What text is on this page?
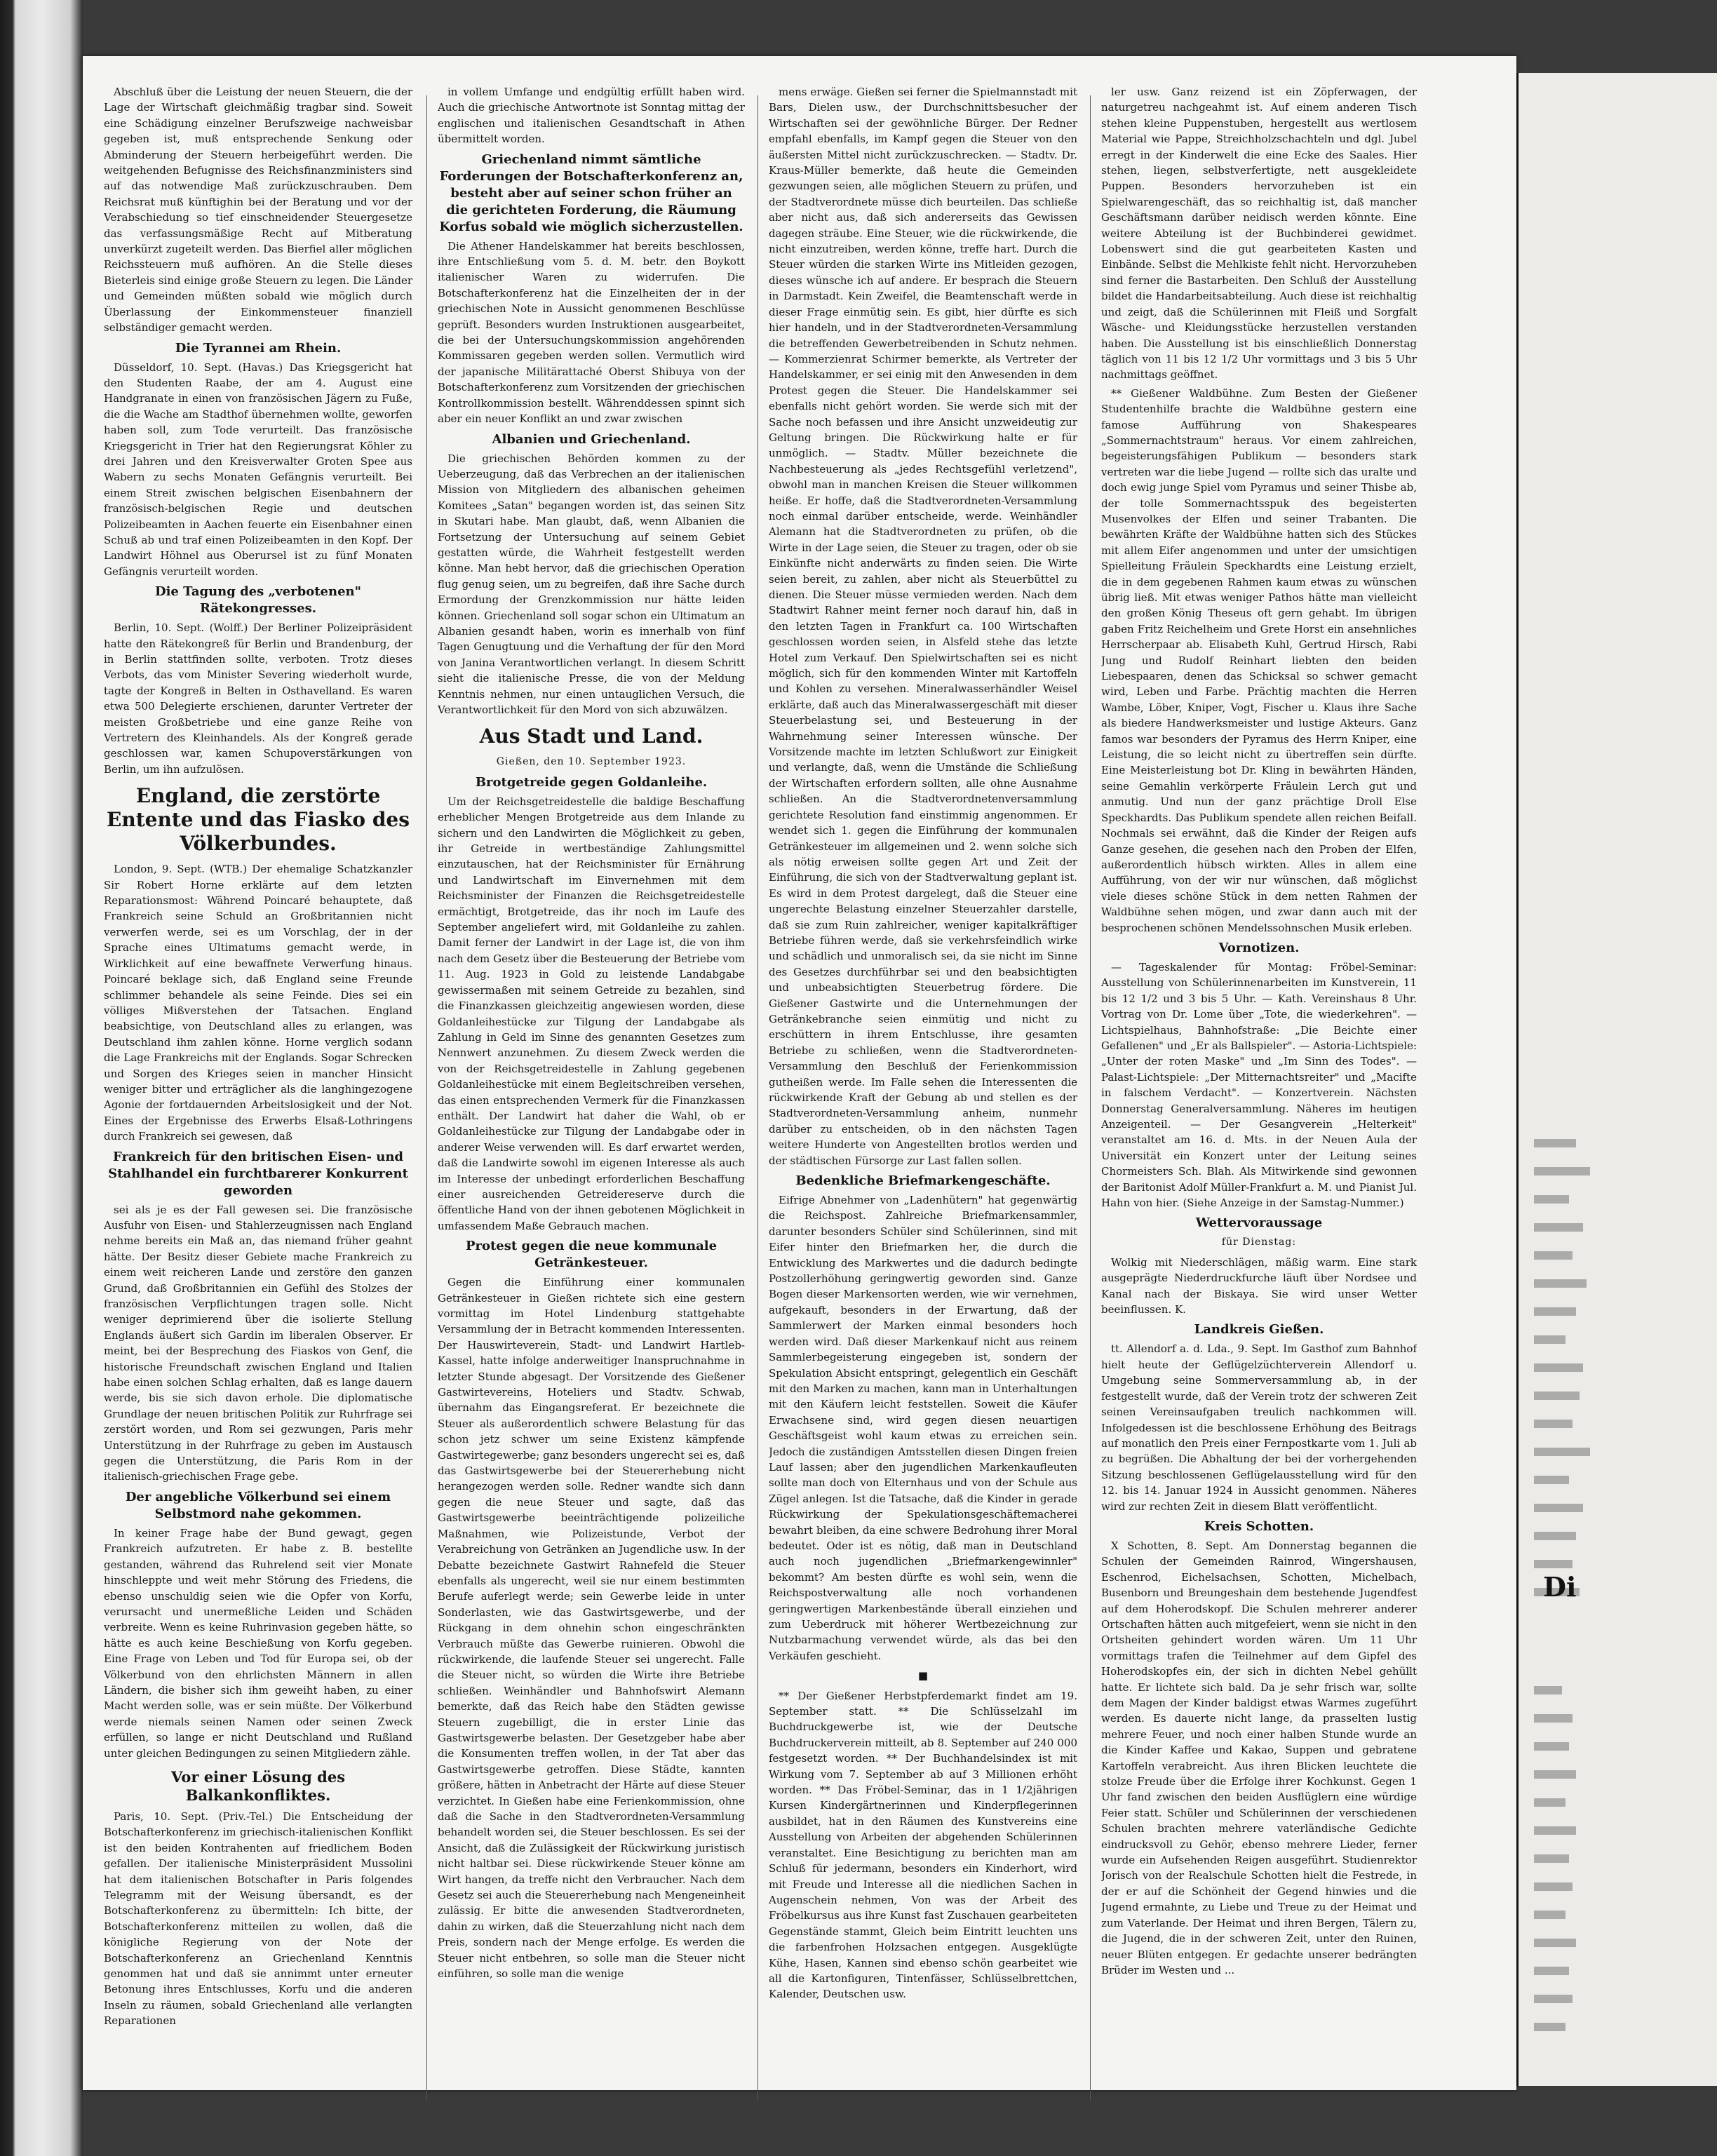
Abschluß über die Leistung der neuen Steuern, die der Lage der Wirtschaft gleichmäßig tragbar sind. Soweit eine Schädigung einzelner Berufszweige nachweisbar gegeben ist, muß entsprechende Senkung oder Abminderung der Steuern herbeigeführt werden. Die weitgehenden Befugnisse des Reichsfinanzministers sind auf das notwendige Maß zurückzuschrauben. Dem Reichsrat muß künftighin bei der Beratung und vor der Verabschiedung so tief einschneidender Steuergesetze das verfassungsmäßige Recht auf Mitberatung unverkürzt zugeteilt werden. Das Bierfiel aller möglichen Reichssteuern muß aufhören. An die Stelle dieses Bieterleis sind einige große Steuern zu legen. Die Länder und Gemeinden müßten sobald wie möglich durch Überlassung der Einkommensteuer finanziell selbständiger gemacht werden.

Die Tyrannei am Rhein.

Düsseldorf, 10. Sept. (Havas.) Das Kriegsgericht hat den Studenten Raabe, der am 4. August eine Handgranate in einen von französischen Jägern zu Fuße, die die Wache am Stadthof übernehmen wollte, geworfen haben soll, zum Tode verurteilt. Das französische Kriegsgericht in Trier hat den Regierungsrat Köhler zu drei Jahren und den Kreisverwalter Groten Spee aus Wabern zu sechs Monaten Gefängnis verurteilt. Bei einem Streit zwischen belgischen Eisenbahnern der französisch-belgischen Regie und deutschen Polizeibeamten in Aachen feuerte ein Eisenbahner einen Schuß ab und traf einen Polizeibeamten in den Kopf. Der Landwirt Höhnel aus Oberursel ist zu fünf Monaten Gefängnis verurteilt worden.

Die Tagung des „verbotenen" Rätekongresses.

Berlin, 10. Sept. (Wolff.) Der Berliner Polizeipräsident hatte den Rätekongreß für Berlin und Brandenburg, der in Berlin stattfinden sollte, verboten. Trotz dieses Verbots, das vom Minister Severing wiederholt wurde, tagte der Kongreß in Belten in Osthavelland. Es waren etwa 500 Delegierte erschienen, darunter Vertreter der meisten Großbetriebe und eine ganze Reihe von Vertretern des Kleinhandels. Als der Kongreß gerade geschlossen war, kamen Schupoverstärkungen von Berlin, um ihn aufzulösen.

England, die zerstörte Entente und das Fiasko des Völkerbundes.

London, 9. Sept. (WTB.) Der ehemalige Schatzkanzler Sir Robert Horne erklärte auf dem letzten Reparationsmost: Während Poincaré behauptete, daß Frankreich seine Schuld an Großbritannien nicht verwerfen werde, sei es um Vorschlag, der in der Sprache eines Ultimatums gemacht werde, in Wirklichkeit auf eine bewaffnete Verwerfung hinaus. Poincaré beklage sich, daß England seine Freunde schlimmer behandele als seine Feinde. Dies sei ein völliges Mißverstehen der Tatsachen. England beabsichtige, von Deutschland alles zu erlangen, was Deutschland ihm zahlen könne. Horne verglich sodann die Lage Frankreichs mit der Englands. Sogar Schrecken und Sorgen des Krieges seien in mancher Hinsicht weniger bitter und erträglicher als die langhingezogene Agonie der fortdauernden Arbeitslosigkeit und der Not. Eines der Ergebnisse des Erwerbs Elsaß-Lothringens durch Frankreich sei gewesen, daß

Frankreich für den britischen Eisen- und Stahlhandel ein furchtbarerer Konkurrent geworden

sei als je es der Fall gewesen sei. Die französische Ausfuhr von Eisen- und Stahlerzeugnissen nach England nehme bereits ein Maß an, das niemand früher geahnt hätte. Der Besitz dieser Gebiete mache Frankreich zu einem weit reicheren Lande und zerstöre den ganzen Grund, daß Großbritannien ein Gefühl des Stolzes der französischen Verpflichtungen tragen solle. Nicht weniger deprimierend über die isolierte Stellung Englands äußert sich Gardin im liberalen Observer. Er meint, bei der Besprechung des Fiaskos von Genf, die historische Freundschaft zwischen England und Italien habe einen solchen Schlag erhalten, daß es lange dauern werde, bis sie sich davon erhole. Die diplomatische Grundlage der neuen britischen Politik zur Ruhrfrage sei zerstört worden, und Rom sei gezwungen, Paris mehr Unterstützung in der Ruhrfrage zu geben im Austausch gegen die Unterstützung, die Paris Rom in der italienisch-griechischen Frage gebe.

Der angebliche Völkerbund sei einem Selbstmord nahe gekommen.

In keiner Frage habe der Bund gewagt, gegen Frankreich aufzutreten. Er habe z. B. bestellte gestanden, während das Ruhrelend seit vier Monate hinschleppte und weit mehr Störung des Friedens, die ebenso unschuldig seien wie die Opfer von Korfu, verursacht und unermeßliche Leiden und Schäden verbreite. Wenn es keine Ruhrinvasion gegeben hätte, so hätte es auch keine Beschießung von Korfu gegeben. Eine Frage von Leben und Tod für Europa sei, ob der Völkerbund von den ehrlichsten Männern in allen Ländern, die bisher sich ihm geweiht haben, zu einer Macht werden solle, was er sein müßte. Der Völkerbund werde niemals seinen Namen oder seinen Zweck erfüllen, so lange er nicht Deutschland und Rußland unter gleichen Bedingungen zu seinen Mitgliedern zähle.

Vor einer Lösung des Balkankonfliktes.

Paris, 10. Sept. (Priv.-Tel.) Die Entscheidung der Botschafterkonferenz im griechisch-italienischen Konflikt ist den beiden Kontrahenten auf friedlichem Boden gefallen. Der italienische Ministerpräsident Mussolini hat dem italienischen Botschafter in Paris folgendes Telegramm mit der Weisung übersandt, es der Botschafterkonferenz zu übermitteln: Ich bitte, der Botschafterkonferenz mitteilen zu wollen, daß die königliche Regierung von der Note der Botschafterkonferenz an Griechenland Kenntnis genommen hat und daß sie annimmt unter erneuter Betonung ihres Entschlusses, Korfu und die anderen Inseln zu räumen, sobald Griechenland alle verlangten Reparationen

in vollem Umfange und endgültig erfüllt haben wird. Auch die griechische Antwortnote ist Sonntag mittag der englischen und italienischen Gesandtschaft in Athen übermittelt worden.

Griechenland nimmt sämtliche Forderungen der Botschafterkonferenz an, besteht aber auf seiner schon früher an die gerichteten Forderung, die Räumung Korfus sobald wie möglich sicherzustellen.

Die Athener Handelskammer hat bereits beschlossen, ihre Entschließung vom 5. d. M. betr. den Boykott italienischer Waren zu widerrufen. Die Botschafterkonferenz hat die Einzelheiten der in der griechischen Note in Aussicht genommenen Beschlüsse geprüft. Besonders wurden Instruktionen ausgearbeitet, die bei der Untersuchungskommission angehörenden Kommissaren gegeben werden sollen. Vermutlich wird der japanische Militärattaché Oberst Shibuya von der Botschafterkonferenz zum Vorsitzenden der griechischen Kontrollkommission bestellt. Währenddessen spinnt sich aber ein neuer Konflikt an und zwar zwischen

Albanien und Griechenland.

Die griechischen Behörden kommen zu der Ueberzeugung, daß das Verbrechen an der italienischen Mission von Mitgliedern des albanischen geheimen Komitees „Satan" begangen worden ist, das seinen Sitz in Skutari habe. Man glaubt, daß, wenn Albanien die Fortsetzung der Untersuchung auf seinem Gebiet gestatten würde, die Wahrheit festgestellt werden könne. Man hebt hervor, daß die griechischen Operation flug genug seien, um zu begreifen, daß ihre Sache durch Ermordung der Grenzkommission nur hätte leiden können. Griechenland soll sogar schon ein Ultimatum an Albanien gesandt haben, worin es innerhalb von fünf Tagen Genugtuung und die Verhaftung der für den Mord von Janina Verantwortlichen verlangt. In diesem Schritt sieht die italienische Presse, die von der Meldung Kenntnis nehmen, nur einen untauglichen Versuch, die Verantwortlichkeit für den Mord von sich abzuwälzen.

Aus Stadt und Land.
Gießen, den 10. September 1923.
Brotgetreide gegen Goldanleihe.

Um der Reichsgetreidestelle die baldige Beschaffung erheblicher Mengen Brotgetreide aus dem Inlande zu sichern und den Landwirten die Möglichkeit zu geben, ihr Getreide in wertbeständige Zahlungsmittel einzutauschen, hat der Reichsminister für Ernährung und Landwirtschaft im Einvernehmen mit dem Reichsminister der Finanzen die Reichsgetreidestelle ermächtigt, Brotgetreide, das ihr noch im Laufe des September angeliefert wird, mit Goldanleihe zu zahlen. Damit ferner der Landwirt in der Lage ist, die von ihm nach dem Gesetz über die Besteuerung der Betriebe vom 11. Aug. 1923 in Gold zu leistende Landabgabe gewissermaßen mit seinem Getreide zu bezahlen, sind die Finanzkassen gleichzeitig angewiesen worden, diese Goldanleihestücke zur Tilgung der Landabgabe als Zahlung in Geld im Sinne des genannten Gesetzes zum Nennwert anzunehmen. Zu diesem Zweck werden die von der Reichsgetreidestelle in Zahlung gegebenen Goldanleihestücke mit einem Begleitschreiben versehen, das einen entsprechenden Vermerk für die Finanzkassen enthält. Der Landwirt hat daher die Wahl, ob er Goldanleihestücke zur Tilgung der Landabgabe oder in anderer Weise verwenden will. Es darf erwartet werden, daß die Landwirte sowohl im eigenen Interesse als auch im Interesse der unbedingt erforderlichen Beschaffung einer ausreichenden Getreidereserve durch die öffentliche Hand von der ihnen gebotenen Möglichkeit in umfassendem Maße Gebrauch machen.

Protest gegen die neue kommunale Getränkesteuer.

Gegen die Einführung einer kommunalen Getränkesteuer in Gießen richtete sich eine gestern vormittag im Hotel Lindenburg stattgehabte Versammlung der in Betracht kommenden Interessenten. Der Hauswirteverein, Stadt- und Landwirt Hartleb-Kassel, hatte infolge anderweitiger Inanspruchnahme in letzter Stunde abgesagt. Der Vorsitzende des Gießener Gastwirtevereins, Hoteliers und Stadtv. Schwab, übernahm das Eingangsreferat. Er bezeichnete die Steuer als außerordentlich schwere Belastung für das schon jetz schwer um seine Existenz kämpfende Gastwirtegewerbe; ganz besonders ungerecht sei es, daß das Gastwirtsgewerbe bei der Steuererhebung nicht herangezogen werden solle. Redner wandte sich dann gegen die neue Steuer und sagte, daß das Gastwirtsgewerbe beeinträchtigende polizeiliche Maßnahmen, wie Polizeistunde, Verbot der Verabreichung von Getränken an Jugendliche usw. In der Debatte bezeichnete Gastwirt Rahnefeld die Steuer ebenfalls als ungerecht, weil sie nur einem bestimmten Berufe auferlegt werde; sein Gewerbe leide in unter Sonderlasten, wie das Gastwirtsgewerbe, und der Rückgang in dem ohnehin schon eingeschränkten Verbrauch müßte das Gewerbe ruinieren. Obwohl die rückwirkende, die laufende Steuer sei ungerecht. Falle die Steuer nicht, so würden die Wirte ihre Betriebe schließen. Weinhändler und Bahnhofswirt Alemann bemerkte, daß das Reich habe den Städten gewisse Steuern zugebilligt, die in erster Linie das Gastwirtsgewerbe belasten. Der Gesetzgeber habe aber die Konsumenten treffen wollen, in der Tat aber das Gastwirtsgewerbe getroffen. Diese Städte, kannten größere, hätten in Anbetracht der Härte auf diese Steuer verzichtet. In Gießen habe eine Ferienkommission, ohne daß die Sache in den Stadtverordneten-Versammlung behandelt worden sei, die Steuer beschlossen. Es sei der Ansicht, daß die Zulässigkeit der Rückwirkung juristisch nicht haltbar sei. Diese rückwirkende Steuer könne am Wirt hangen, da treffe nicht den Verbraucher. Nach dem Gesetz sei auch die Steuererhebung nach Mengeneinheit zulässig. Er bitte die anwesenden Stadtverordneten, dahin zu wirken, daß die Steuerzahlung nicht nach dem Preis, sondern nach der Menge erfolge. Es werden die Steuer nicht entbehren, so solle man die Steuer nicht einführen, so solle man die wenige

mens erwäge. Gießen sei ferner die Spielmannstadt mit Bars, Dielen usw., der Durchschnittsbesucher der Wirtschaften sei der gewöhnliche Bürger. Der Redner empfahl ebenfalls, im Kampf gegen die Steuer von den äußersten Mittel nicht zurückzuschrecken. — Stadtv. Dr. Kraus-Müller bemerkte, daß heute die Gemeinden gezwungen seien, alle möglichen Steuern zu prüfen, und der Stadtverordnete müsse dich beurteilen. Das schließe aber nicht aus, daß sich andererseits das Gewissen dagegen sträube. Eine Steuer, wie die rückwirkende, die nicht einzutreiben, werden könne, treffe hart. Durch die Steuer würden die starken Wirte ins Mitleiden gezogen, dieses wünsche ich auf andere. Er besprach die Steuern in Darmstadt. Kein Zweifel, die Beamtenschaft werde in dieser Frage einmütig sein. Es gibt, hier dürfte es sich hier handeln, und in der Stadtverordneten-Versammlung die betreffenden Gewerbetreibenden in Schutz nehmen. — Kommerzienrat Schirmer bemerkte, als Vertreter der Handelskammer, er sei einig mit den Anwesenden in dem Protest gegen die Steuer. Die Handelskammer sei ebenfalls nicht gehört worden. Sie werde sich mit der Sache noch befassen und ihre Ansicht unzweideutig zur Geltung bringen. Die Rückwirkung halte er für unmöglich. — Stadtv. Müller bezeichnete die Nachbesteuerung als „jedes Rechtsgefühl verletzend", obwohl man in manchen Kreisen die Steuer willkommen heiße. Er hoffe, daß die Stadtverordneten-Versammlung noch einmal darüber entscheide, werde. Weinhändler Alemann hat die Stadtverordneten zu prüfen, ob die Wirte in der Lage seien, die Steuer zu tragen, oder ob sie Einkünfte nicht anderwärts zu finden seien. Die Wirte seien bereit, zu zahlen, aber nicht als Steuerbüttel zu dienen. Die Steuer müsse vermieden werden. Nach dem Stadtwirt Rahner meint ferner noch darauf hin, daß in den letzten Tagen in Frankfurt ca. 100 Wirtschaften geschlossen worden seien, in Alsfeld stehe das letzte Hotel zum Verkauf. Den Spielwirtschaften sei es nicht möglich, sich für den kommenden Winter mit Kartoffeln und Kohlen zu versehen. Mineralwasserhändler Weisel erklärte, daß auch das Mineralwassergeschäft mit dieser Steuerbelastung sei, und Besteuerung in der Wahrnehmung seiner Interessen wünsche. Der Vorsitzende machte im letzten Schlußwort zur Einigkeit und verlangte, daß, wenn die Umstände die Schließung der Wirtschaften erfordern sollten, alle ohne Ausnahme schließen. An die Stadtverordnetenversammlung gerichtete Resolution fand einstimmig angenommen. Er wendet sich 1. gegen die Einführung der kommunalen Getränkesteuer im allgemeinen und 2. wenn solche sich als nötig erweisen sollte gegen Art und Zeit der Einführung, die sich von der Stadtverwaltung geplant ist. Es wird in dem Protest dargelegt, daß die Steuer eine ungerechte Belastung einzelner Steuerzahler darstelle, daß sie zum Ruin zahlreicher, weniger kapitalkräftiger Betriebe führen werde, daß sie verkehrsfeindlich wirke und schädlich und unmoralisch sei, da sie nicht im Sinne des Gesetzes durchführbar sei und den beabsichtigten und unbeabsichtigten Steuerbetrug fördere. Die Gießener Gastwirte und die Unternehmungen der Getränkebranche seien einmütig und nicht zu erschüttern in ihrem Entschlusse, ihre gesamten Betriebe zu schließen, wenn die Stadtverordneten-Versammlung den Beschluß der Ferienkommission gutheißen werde. Im Falle sehen die Interessenten die rückwirkende Kraft der Gebung ab und stellen es der Stadtverordneten-Versammlung anheim, nunmehr darüber zu entscheiden, ob in den nächsten Tagen weitere Hunderte von Angestellten brotlos werden und der städtischen Fürsorge zur Last fallen sollen.

Bedenkliche Briefmarkengeschäfte.

Eifrige Abnehmer von „Ladenhütern" hat gegenwärtig die Reichspost. Zahlreiche Briefmarkensammler, darunter besonders Schüler sind Schülerinnen, sind mit Eifer hinter den Briefmarken her, die durch die Entwicklung des Markwertes und die dadurch bedingte Postzollerhöhung geringwertig geworden sind. Ganze Bogen dieser Markensorten werden, wie wir vernehmen, aufgekauft, besonders in der Erwartung, daß der Sammlerwert der Marken einmal besonders hoch werden wird. Daß dieser Markenkauf nicht aus reinem Sammlerbegeisterung eingegeben ist, sondern der Spekulation Absicht entspringt, gelegentlich ein Geschäft mit den Marken zu machen, kann man in Unterhaltungen mit den Käufern leicht feststellen. Soweit die Käufer Erwachsene sind, wird gegen diesen neuartigen Geschäftsgeist wohl kaum etwas zu erreichen sein. Jedoch die zuständigen Amtsstellen diesen Dingen freien Lauf lassen; aber den jugendlichen Markenkaufleuten sollte man doch von Elternhaus und von der Schule aus Zügel anlegen. Ist die Tatsache, daß die Kinder in gerade Rückwirkung der Spekulationsgeschäftemacherei bewahrt bleiben, da eine schwere Bedrohung ihrer Moral bedeutet. Oder ist es nötig, daß man in Deutschland auch noch jugendlichen „Briefmarkengewinnler" bekommt? Am besten dürfte es wohl sein, wenn die Reichspostverwaltung alle noch vorhandenen geringwertigen Markenbestände überall einziehen und zum Ueberdruck mit höherer Wertbezeichnung zur Nutzbarmachung verwendet würde, als das bei den Verkäufen geschieht.

■

** Der Gießener Herbstpferdemarkt findet am 19. September statt. ** Die Schlüsselzahl im Buchdruckgewerbe ist, wie der Deutsche Buchdruckerverein mitteilt, ab 8. September auf 240 000 festgesetzt worden. ** Der Buchhandelsindex ist mit Wirkung vom 7. September ab auf 3 Millionen erhöht worden. ** Das Fröbel-Seminar, das in 1 1/2jährigen Kursen Kindergärtnerinnen und Kinderpflegerinnen ausbildet, hat in den Räumen des Kunstvereins eine Ausstellung von Arbeiten der abgehenden Schülerinnen veranstaltet. Eine Besichtigung zu berichten man am Schluß für jedermann, besonders ein Kinderhort, wird mit Freude und Interesse all die niedlichen Sachen in Augenschein nehmen, Von was der Arbeit des Fröbelkursus aus ihre Kunst fast Zuschauen gearbeiteten Gegenstände stammt, Gleich beim Eintritt leuchten uns die farbenfrohen Holzsachen entgegen. Ausgeklügte Kühe, Hasen, Kannen sind ebenso schön gearbeitet wie all die Kartonfiguren, Tintenfässer, Schlüsselbrettchen, Kalender, Deutschen usw.

ler usw. Ganz reizend ist ein Zöpferwagen, der naturgetreu nachgeahmt ist. Auf einem anderen Tisch stehen kleine Puppenstuben, hergestellt aus wertlosem Material wie Pappe, Streichholzschachteln und dgl. Jubel erregt in der Kinderwelt die eine Ecke des Saales. Hier stehen, liegen, selbstverfertigte, nett ausgekleidete Puppen. Besonders hervorzuheben ist ein Spielwarengeschäft, das so reichhaltig ist, daß mancher Geschäftsmann darüber neidisch werden könnte. Eine weitere Abteilung ist der Buchbinderei gewidmet. Lobenswert sind die gut gearbeiteten Kasten und Einbände. Selbst die Mehlkiste fehlt nicht. Hervorzuheben sind ferner die Bastarbeiten. Den Schluß der Ausstellung bildet die Handarbeitsabteilung. Auch diese ist reichhaltig und zeigt, daß die Schülerinnen mit Fleiß und Sorgfalt Wäsche- und Kleidungsstücke herzustellen verstanden haben. Die Ausstellung ist bis einschließlich Donnerstag täglich von 11 bis 12 1/2 Uhr vormittags und 3 bis 5 Uhr nachmittags geöffnet.

** Gießener Waldbühne. Zum Besten der Gießener Studentenhilfe brachte die Waldbühne gestern eine famose Aufführung von Shakespeares „Sommernachtstraum" heraus. Vor einem zahlreichen, begeisterungsfähigen Publikum — besonders stark vertreten war die liebe Jugend — rollte sich das uralte und doch ewig junge Spiel vom Pyramus und seiner Thisbe ab, der tolle Sommernachtsspuk des begeisterten Musenvolkes der Elfen und seiner Trabanten. Die bewährten Kräfte der Waldbühne hatten sich des Stückes mit allem Eifer angenommen und unter der umsichtigen Spielleitung Fräulein Speckhardts eine Leistung erzielt, die in dem gegebenen Rahmen kaum etwas zu wünschen übrig ließ. Mit etwas weniger Pathos hätte man vielleicht den großen König Theseus oft gern gehabt. Im übrigen gaben Fritz Reichelheim und Grete Horst ein ansehnliches Herrscherpaar ab. Elisabeth Kuhl, Gertrud Hirsch, Rabi Jung und Rudolf Reinhart liebten den beiden Liebespaaren, denen das Schicksal so schwer gemacht wird, Leben und Farbe. Prächtig machten die Herren Wambe, Löber, Kniper, Vogt, Fischer u. Klaus ihre Sache als biedere Handwerksmeister und lustige Akteurs. Ganz famos war besonders der Pyramus des Herrn Kniper, eine Leistung, die so leicht nicht zu übertreffen sein dürfte. Eine Meisterleistung bot Dr. Kling in bewährten Händen, seine Gemahlin verkörperte Fräulein Lerch gut und anmutig. Und nun der ganz prächtige Droll Else Speckhardts. Das Publikum spendete allen reichen Beifall. Nochmals sei erwähnt, daß die Kinder der Reigen aufs Ganze gesehen, die gesehen nach den Proben der Elfen, außerordentlich hübsch wirkten. Alles in allem eine Aufführung, von der wir nur wünschen, daß möglichst viele dieses schöne Stück in dem netten Rahmen der Waldbühne sehen mögen, und zwar dann auch mit der besprochenen schönen Mendelssohnschen Musik erleben.

Vornotizen.

— Tageskalender für Montag: Fröbel-Seminar: Ausstellung von Schülerinnenarbeiten im Kunstverein, 11 bis 12 1/2 und 3 bis 5 Uhr. — Kath. Vereinshaus 8 Uhr. Vortrag von Dr. Lome über „Tote, die wiederkehren". — Lichtspielhaus, Bahnhofstraße: „Die Beichte einer Gefallenen" und „Er als Ballspieler". — Astoria-Lichtspiele: „Unter der roten Maske" und „Im Sinn des Todes". — Palast-Lichtspiele: „Der Mitternachtsreiter" und „Macifte in falschem Verdacht". — Konzertverein. Nächsten Donnerstag Generalversammlung. Näheres im heutigen Anzeigenteil. — Der Gesangverein „Helterkeit" veranstaltet am 16. d. Mts. in der Neuen Aula der Universität ein Konzert unter der Leitung seines Chormeisters Sch. Blah. Als Mitwirkende sind gewonnen der Baritonist Adolf Müller-Frankfurt a. M. und Pianist Jul. Hahn von hier. (Siehe Anzeige in der Samstag-Nummer.)

Wettervoraussage
für Dienstag:

Wolkig mit Niederschlägen, mäßig warm. Eine stark ausgeprägte Niederdruckfurche läuft über Nordsee und Kanal nach der Biskaya. Sie wird unser Wetter beeinflussen. K.

Landkreis Gießen.

tt. Allendorf a. d. Lda., 9. Sept. Im Gasthof zum Bahnhof hielt heute der Geflügelzüchterverein Allendorf u. Umgebung seine Sommerversammlung ab, in der festgestellt wurde, daß der Verein trotz der schweren Zeit seinen Vereinsaufgaben treulich nachkommen will. Infolgedessen ist die beschlossene Erhöhung des Beitrags auf monatlich den Preis einer Fernpostkarte vom 1. Juli ab zu begrüßen. Die Abhaltung der bei der vorhergehenden Sitzung beschlossenen Geflügelausstellung wird für den 12. bis 14. Januar 1924 in Aussicht genommen. Näheres wird zur rechten Zeit in diesem Blatt veröffentlicht.

Kreis Schotten.

X Schotten, 8. Sept. Am Donnerstag begannen die Schulen der Gemeinden Rainrod, Wingershausen, Eschenrod, Eichelsachsen, Schotten, Michelbach, Busenborn und Breungeshain dem bestehende Jugendfest auf dem Hoherodskopf. Die Schulen mehrerer anderer Ortschaften hätten auch mitgefeiert, wenn sie nicht in den Ortsheiten gehindert worden wären. Um 11 Uhr vormittags trafen die Teilnehmer auf dem Gipfel des Hoherodskopfes ein, der sich in dichten Nebel gehüllt hatte. Er lichtete sich bald. Da je sehr frisch war, sollte dem Magen der Kinder baldigst etwas Warmes zugeführt werden. Es dauerte nicht lange, da prasselten lustig mehrere Feuer, und noch einer halben Stunde wurde an die Kinder Kaffee und Kakao, Suppen und gebratene Kartoffeln verabreicht. Aus ihren Blicken leuchtete die stolze Freude über die Erfolge ihrer Kochkunst. Gegen 1 Uhr fand zwischen den beiden Ausflüglern eine würdige Feier statt. Schüler und Schülerinnen der verschiedenen Schulen brachten mehrere vaterländische Gedichte eindrucksvoll zu Gehör, ebenso mehrere Lieder, ferner wurde ein Aufsehenden Reigen ausgeführt. Studienrektor Jorisch von der Realschule Schotten hielt die Festrede, in der er auf die Schönheit der Gegend hinwies und die Jugend ermahnte, zu Liebe und Treue zu der Heimat und zum Vaterlande. Der Heimat und ihren Bergen, Tälern zu, die Jugend, die in der schweren Zeit, unter den Ruinen, neuer Blüten entgegen. Er gedachte unserer bedrängten Brüder im Westen und ...

Di
